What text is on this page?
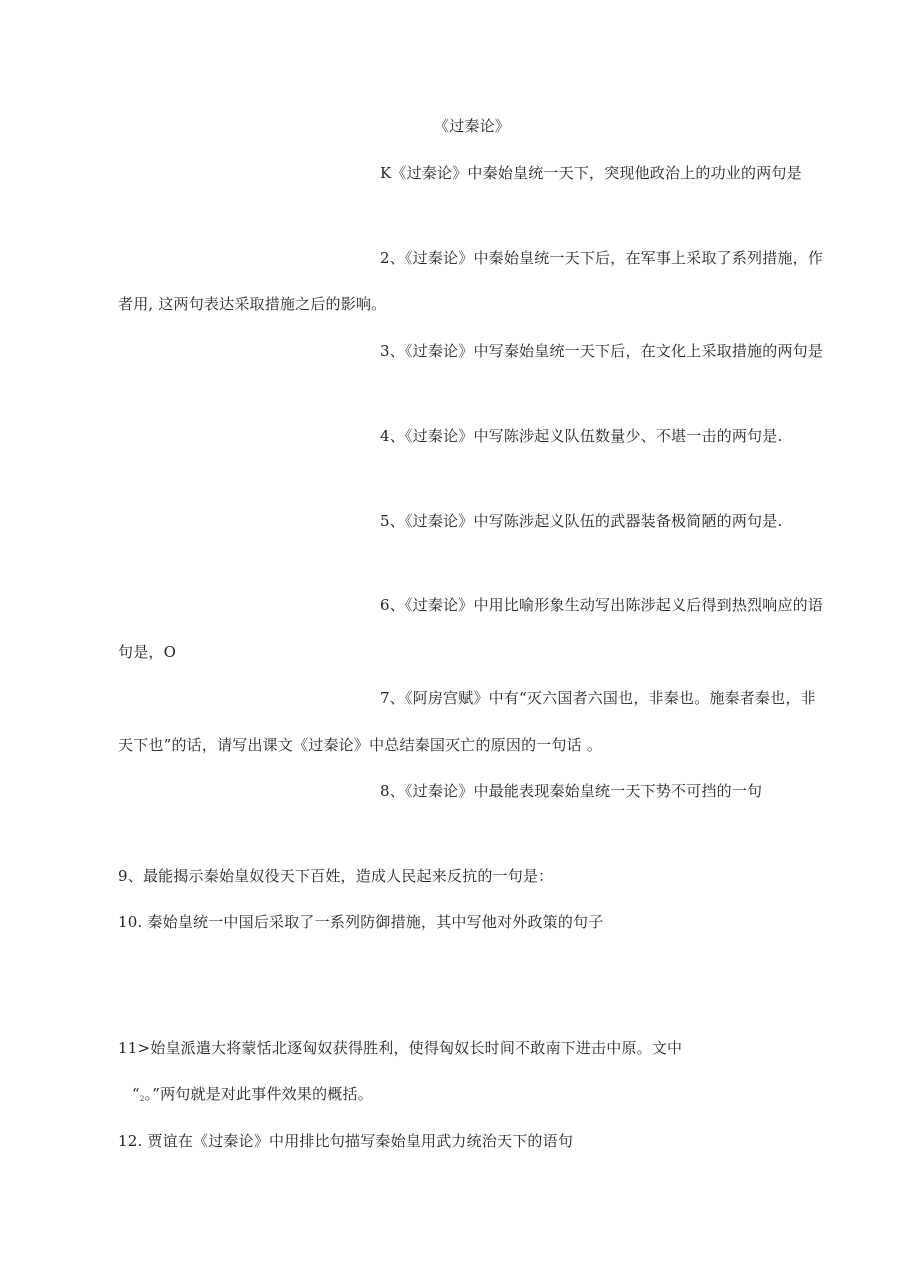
《过秦论》
K《过秦论》中秦始皇统一天下，突现他政治上的功业的两句是
2、《过秦论》中秦始皇统一天下后，在军事上采取了系列措施，作
者用, 这两句表达采取措施之后的影响。
3、《过秦论》中写秦始皇统一天下后，在文化上采取措施的两句是
4、《过秦论》中写陈涉起义队伍数量少、不堪一击的两句是.
5、《过秦论》中写陈涉起义队伍的武器装备极简陋的两句是.
6、《过秦论》中用比喻形象生动写出陈涉起义后得到热烈响应的语
句是，O
7、《阿房宫赋》中有“灭六国者六国也，非秦也。施秦者秦也，非
天下也”的话，请写出课文《过秦论》中总结秦国灭亡的原因的一句话 。
8、《过秦论》中最能表现秦始皇统一天下势不可挡的一句
9、最能揭示秦始皇奴役天下百姓，造成人民起来反抗的一句是：
10. 秦始皇统一中国后采取了一系列防御措施，其中写他对外政策的句子
11>始皇派遣大将蒙恬北逐匈奴获得胜利，使得匈奴长时间不敢南下进击中原。文中
“$_2$。”两句就是对此事件效果的概括。
12. 贾谊在《过秦论》中用排比句描写秦始皇用武力统治天下的语句
